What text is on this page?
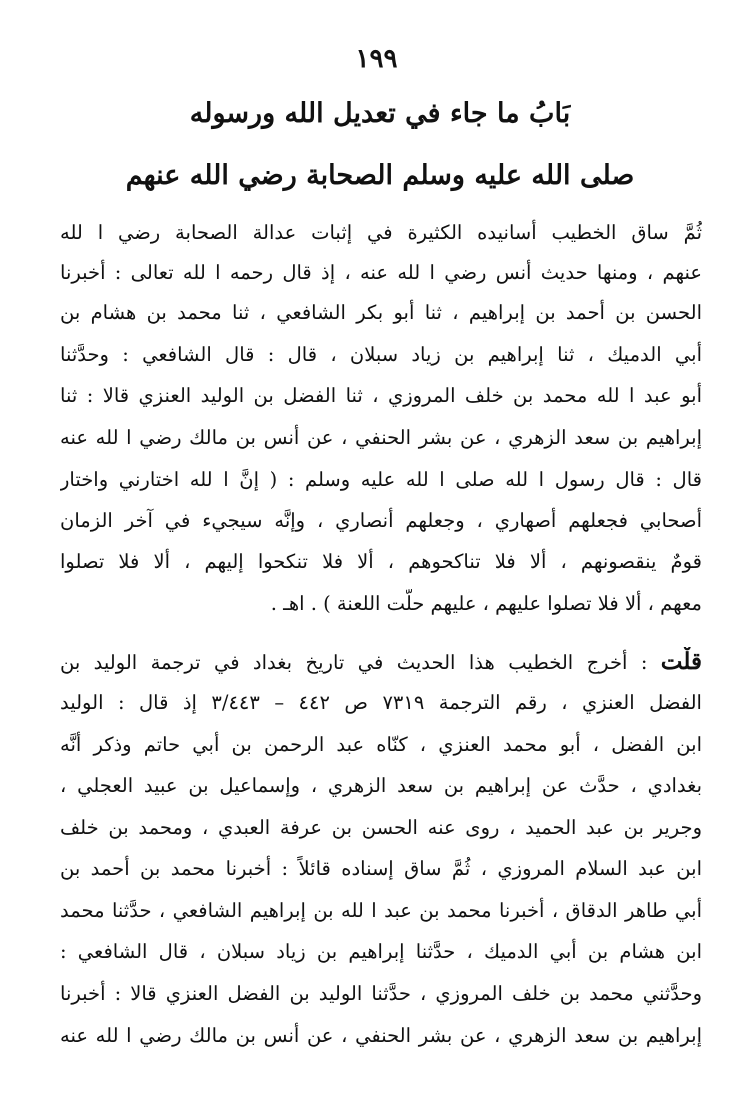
١٩٩
بَابُ ما جاء في تعديل الله ورسوله
صلى الله عليه وسلم الصحابة رضي الله عنهم
ثُمَّ ساق الخطيب أسانيده الكثيرة في إثبات عدالة الصحابة رضي ا لله
عنهم ، ومنها حديث أنس رضي ا لله عنه ، إذ قال رحمه ا لله تعالى : أخبرنا
الحسن بن أحمد بن إبراهيم ، ثنا أبو بكر الشافعي ، ثنا محمد بن هشام بن
أبي الدميك ، ثنا إبراهيم بن زياد سبلان ، قال : قال الشافعي : وحدَّثنا
أبو عبد ا لله محمد بن خلف المروزي ، ثنا الفضل بن الوليد العنزي قالا : ثنا
إبراهيم بن سعد الزهري ، عن بشر الحنفي ، عن أنس بن مالك رضي ا لله عنه
قال : قال رسول ا لله صلى ا لله عليه وسلم : ( إنَّ ا لله اختارني واختار
أصحابي فجعلهم أصهاري ، وجعلهم أنصاري ، وإنَّه سيجيء في آخر الزمان
قومٌ ينقصونهم ، ألا فلا تناكحوهم ، ألا فلا تنكحوا إليهم ، ألا فلا تصلوا
معهم ، ألا فلا تصلوا عليهم ، عليهم حلَّت اللعنة ) . اهـ .
قلْت : أخرج الخطيب هذا الحديث في تاريخ بغداد في ترجمة الوليد بن
الفضل العنزي ، رقم الترجمة ٧٣١٩ ص ٤٤٢ – ٣/٤٤٣ إذ قال : الوليد
ابن الفضل ، أبو محمد العنزي ، كنّاه عبد الرحمن بن أبي حاتم وذكر أنَّه
بغدادي ، حدَّث عن إبراهيم بن سعد الزهري ، وإسماعيل بن عبيد العجلي ،
وجرير بن عبد الحميد ، روى عنه الحسن بن عرفة العبدي ، ومحمد بن خلف
ابن عبد السلام المروزي ، ثُمَّ ساق إسناده قائلاً : أخبرنا محمد بن أحمد بن
أبي طاهر الدقاق ، أخبرنا محمد بن عبد ا لله بن إبراهيم الشافعي ، حدَّثنا محمد
ابن هشام بن أبي الدميك ، حدَّثنا إبراهيم بن زياد سبلان ، قال الشافعي :
وحدَّثني محمد بن خلف المروزي ، حدَّثنا الوليد بن الفضل العنزي قالا : أخبرنا
إبراهيم بن سعد الزهري ، عن بشر الحنفي ، عن أنس بن مالك رضي ا لله عنه
